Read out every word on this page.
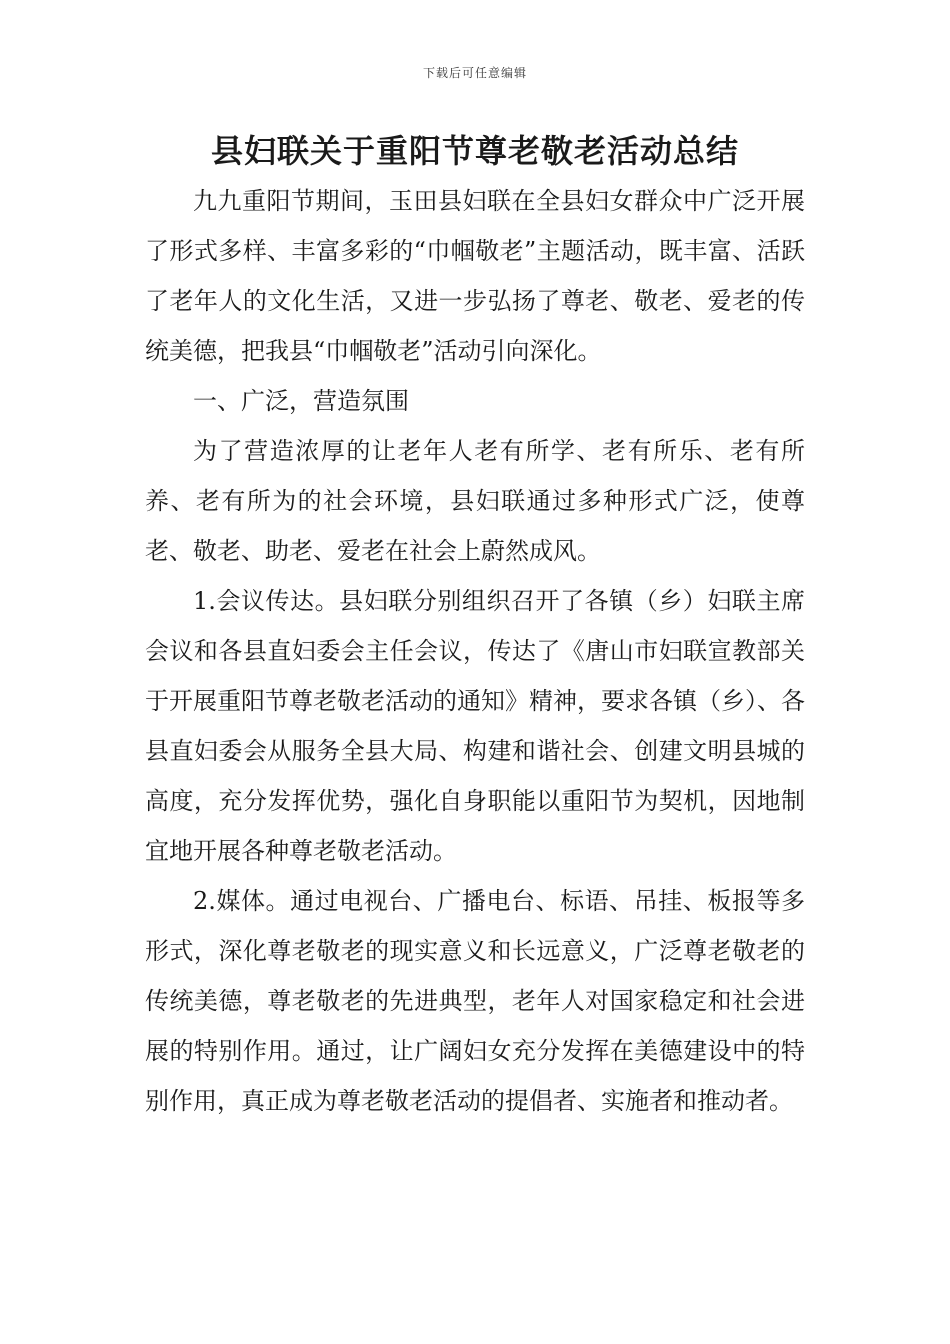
下载后可任意编辑
县妇联关于重阳节尊老敬老活动总结

九九重阳节期间，玉田县妇联在全县妇女群众中广泛开展了形式多样、丰富多彩的“巾帼敬老”主题活动，既丰富、活跃了老年人的文化生活，又进一步弘扬了尊老、敬老、爱老的传统美德，把我县“巾帼敬老”活动引向深化。

一、广泛，营造氛围

为了营造浓厚的让老年人老有所学、老有所乐、老有所养、老有所为的社会环境，县妇联通过多种形式广泛，使尊老、敬老、助老、爱老在社会上蔚然成风。

1.会议传达。县妇联分别组织召开了各镇（乡）妇联主席会议和各县直妇委会主任会议，传达了《唐山市妇联宣教部关于开展重阳节尊老敬老活动的通知》精神，要求各镇（乡）、各县直妇委会从服务全县大局、构建和谐社会、创建文明县城的高度，充分发挥优势，强化自身职能以重阳节为契机，因地制宜地开展各种尊老敬老活动。

2.媒体。通过电视台、广播电台、标语、吊挂、板报等多形式，深化尊老敬老的现实意义和长远意义，广泛尊老敬老的传统美德，尊老敬老的先进典型，老年人对国家稳定和社会进展的特别作用。通过，让广阔妇女充分发挥在美德建设中的特别作用，真正成为尊老敬老活动的提倡者、实施者和推动者。
